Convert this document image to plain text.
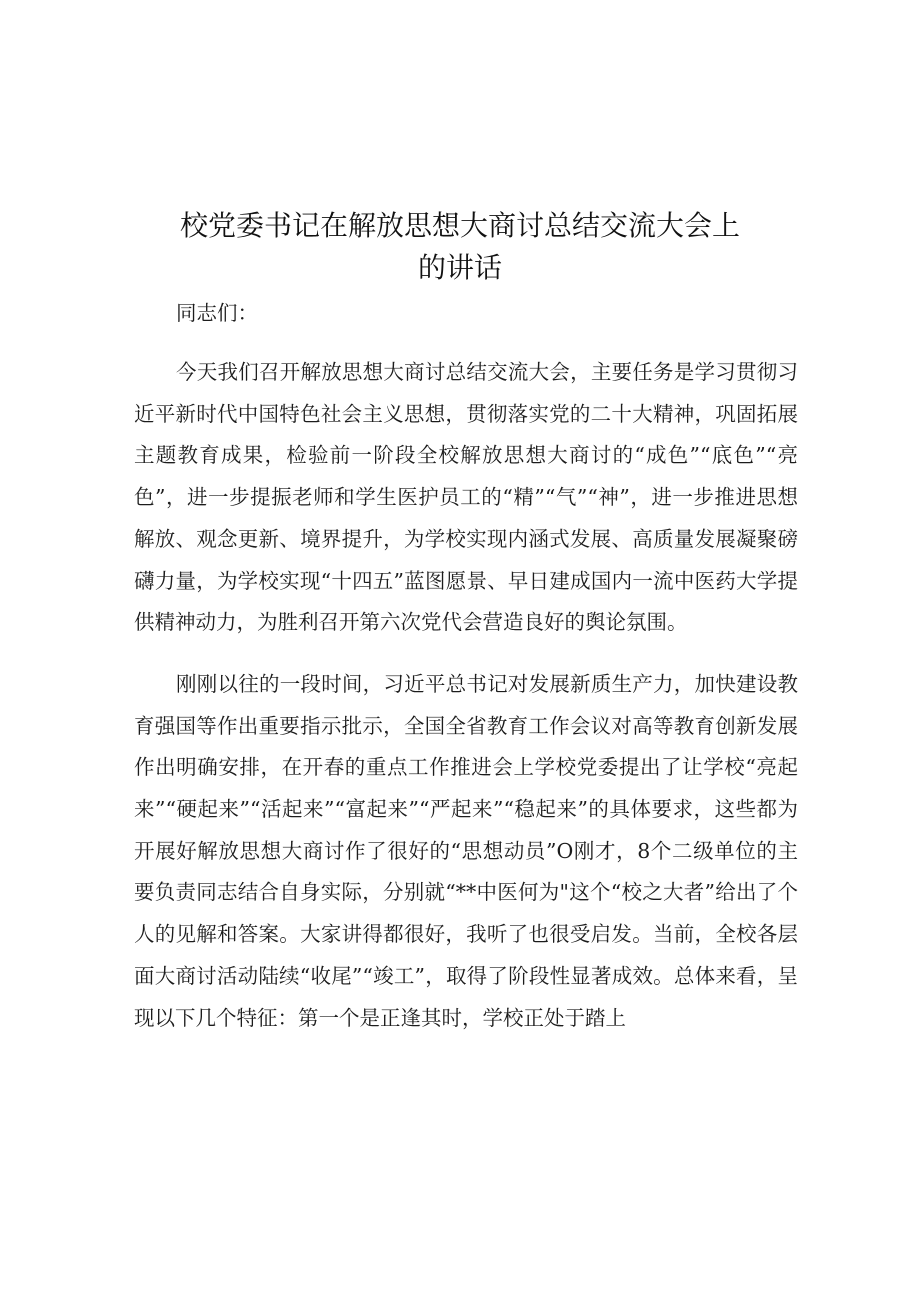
校党委书记在解放思想大商讨总结交流大会上
的讲话

同志们：

今天我们召开解放思想大商讨总结交流大会，主要任务是学习贯彻习近平新时代中国特色社会主义思想，贯彻落实党的二十大精神，巩固拓展主题教育成果，检验前一阶段全校解放思想大商讨的“成色”“底色”“亮色”，进一步提振老师和学生医护员工的“精”“气”“神”，进一步推进思想解放、观念更新、境界提升，为学校实现内涵式发展、高质量发展凝聚磅礴力量，为学校实现“十四五”蓝图愿景、早日建成国内一流中医药大学提供精神动力，为胜利召开第六次党代会营造良好的舆论氛围。

刚刚以往的一段时间，习近平总书记对发展新质生产力，加快建设教育强国等作出重要指示批示，全国全省教育工作会议对高等教育创新发展作出明确安排，在开春的重点工作推进会上学校党委提出了让学校“亮起来”“硬起来”“活起来”“富起来”“严起来”“稳起来”的具体要求，这些都为开展好解放思想大商讨作了很好的“思想动员”O刚才，8个二级单位的主要负责同志结合自身实际，分别就“**中医何为"这个“校之大者”给出了个人的见解和答案。大家讲得都很好，我听了也很受启发。当前，全校各层面大商讨活动陆续“收尾”“竣工”，取得了阶段性显著成效。总体来看，呈现以下几个特征：第一个是正逢其时，学校正处于踏上
